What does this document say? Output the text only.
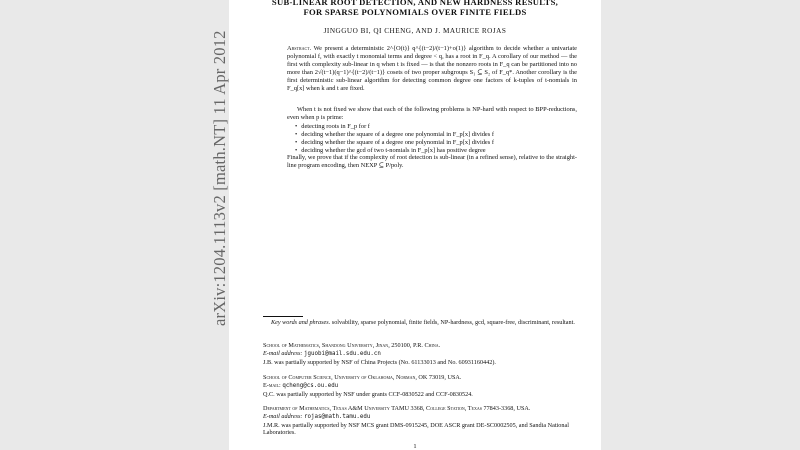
arXiv:1204.1113v2 [math.NT] 11 Apr 2012
SUB-LINEAR ROOT DETECTION, AND NEW HARDNESS RESULTS,
FOR SPARSE POLYNOMIALS OVER FINITE FIELDS
JINGGUO BI, QI CHENG, AND J. MAURICE ROJAS
Abstract. We present a deterministic 2^{O(t)} q^{(t−2)/(t−1)+o(1)} algorithm to decide whether a univariate polynomial f, with exactly t monomial terms and degree < q, has a root in F_q. A corollary of our method — the first with complexity sub-linear in q when t is fixed — is that the nonzero roots in F_q can be partitioned into no more than 2√(t−1)(q−1)^{(t−2)/(t−1)} cosets of two proper subgroups S₁ ⊆ S₂ of F_q*. Another corollary is the first deterministic sub-linear algorithm for detecting common degree one factors of k-tuples of t-nomials in F_q[x] when k and t are fixed.
When t is not fixed we show that each of the following problems is NP-hard with respect to BPP-reductions, even when p is prime:
• detecting roots in F_p for f
• deciding whether the square of a degree one polynomial in F_p[x] divides f
• deciding whether the square of a degree one polynomial in F_p[x] divides f
• deciding whether the gcd of two t-nomials in F_p[x] has positive degree
Finally, we prove that if the complexity of root detection is sub-linear (in a refined sense), relative to the straight-line program encoding, then NEXP ⊆ P/poly.
Key words and phrases. solvability, sparse polynomial, finite fields, NP-hardness, gcd, square-free, discriminant, resultant.
School of Mathematics, Shandong University, Jinan, 250100, P.R. China.
E-mail address: jguobi@mail.sdu.edu.cn
J.B. was partially supported by NSF of China Projects (No. 61133013 and No. 60931160442).
School of Computer Science, University of Oklahoma, Norman, OK 73019, USA.
E-mail: qcheng@cs.ou.edu
Q.C. was partially supported by NSF under grants CCF-0830522 and CCF-0830524.
Department of Mathematics, Texas A&M University TAMU 3368, College Station, Texas 77843-3368, USA.
E-mail address: rojas@math.tamu.edu
J.M.R. was partially supported by NSF MCS grant DMS-0915245, DOE ASCR grant DE-SC0002505, and Sandia National Laboratories.
1
